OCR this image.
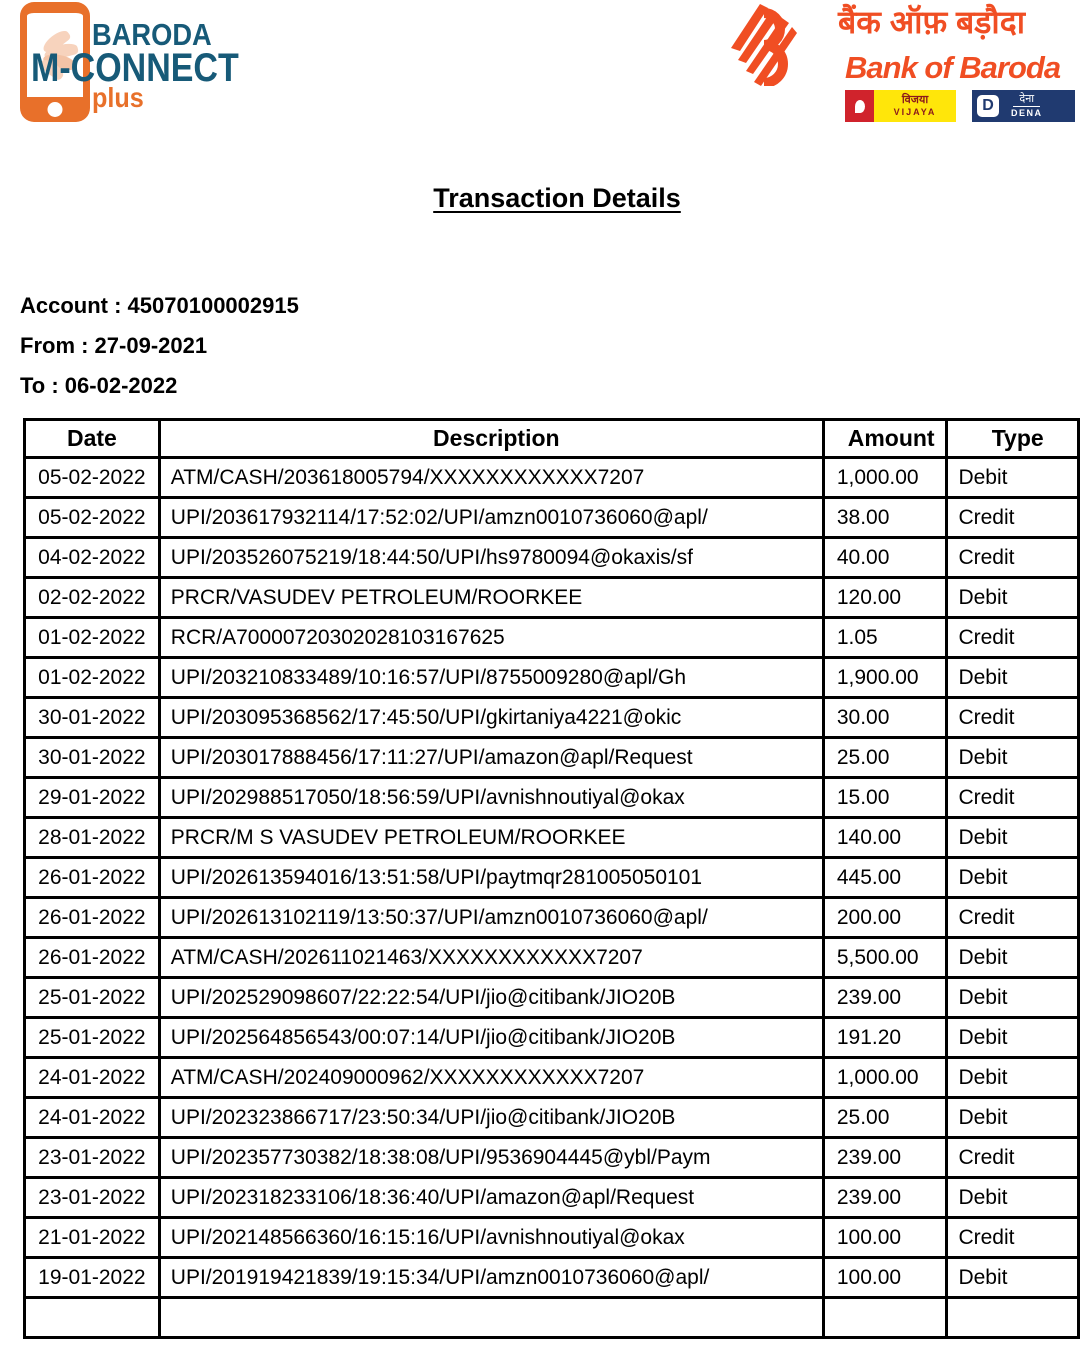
BARODA
M-CONNECT
plus
बैंक ऑफ़ बड़ौदा
Bank of Baroda
विजया
VIJAYA	D	देना
DENA
Transaction Details
Account : 45070100002915
From : 27-09-2021
To : 06-02-2022
Date	Description	Amount	Type
05-02-2022	ATM/CASH/203618005794/XXXXXXXXXXXX7207	1,000.00	Debit
05-02-2022	UPI/203617932114/17:52:02/UPI/amzn0010736060@apl/	38.00	Credit
04-02-2022	UPI/203526075219/18:44:50/UPI/hs9780094@okaxis/sf	40.00	Credit
02-02-2022	PRCR/VASUDEV PETROLEUM/ROORKEE	120.00	Debit
01-02-2022	RCR/A70000720302028103167625	1.05	Credit
01-02-2022	UPI/203210833489/10:16:57/UPI/8755009280@apl/Gh	1,900.00	Debit
30-01-2022	UPI/203095368562/17:45:50/UPI/gkirtaniya4221@okic	30.00	Credit
30-01-2022	UPI/203017888456/17:11:27/UPI/amazon@apl/Request	25.00	Debit
29-01-2022	UPI/202988517050/18:56:59/UPI/avnishnoutiyal@okax	15.00	Credit
28-01-2022	PRCR/M S VASUDEV PETROLEUM/ROORKEE	140.00	Debit
26-01-2022	UPI/202613594016/13:51:58/UPI/paytmqr281005050101	445.00	Debit
26-01-2022	UPI/202613102119/13:50:37/UPI/amzn0010736060@apl/	200.00	Credit
26-01-2022	ATM/CASH/202611021463/XXXXXXXXXXXX7207	5,500.00	Debit
25-01-2022	UPI/202529098607/22:22:54/UPI/jio@citibank/JIO20B	239.00	Debit
25-01-2022	UPI/202564856543/00:07:14/UPI/jio@citibank/JIO20B	191.20	Debit
24-01-2022	ATM/CASH/202409000962/XXXXXXXXXXXX7207	1,000.00	Debit
24-01-2022	UPI/202323866717/23:50:34/UPI/jio@citibank/JIO20B	25.00	Debit
23-01-2022	UPI/202357730382/18:38:08/UPI/9536904445@ybl/Paym	239.00	Credit
23-01-2022	UPI/202318233106/18:36:40/UPI/amazon@apl/Request	239.00	Debit
21-01-2022	UPI/202148566360/16:15:16/UPI/avnishnoutiyal@okax	100.00	Credit
19-01-2022	UPI/201919421839/19:15:34/UPI/amzn0010736060@apl/	100.00	Debit
